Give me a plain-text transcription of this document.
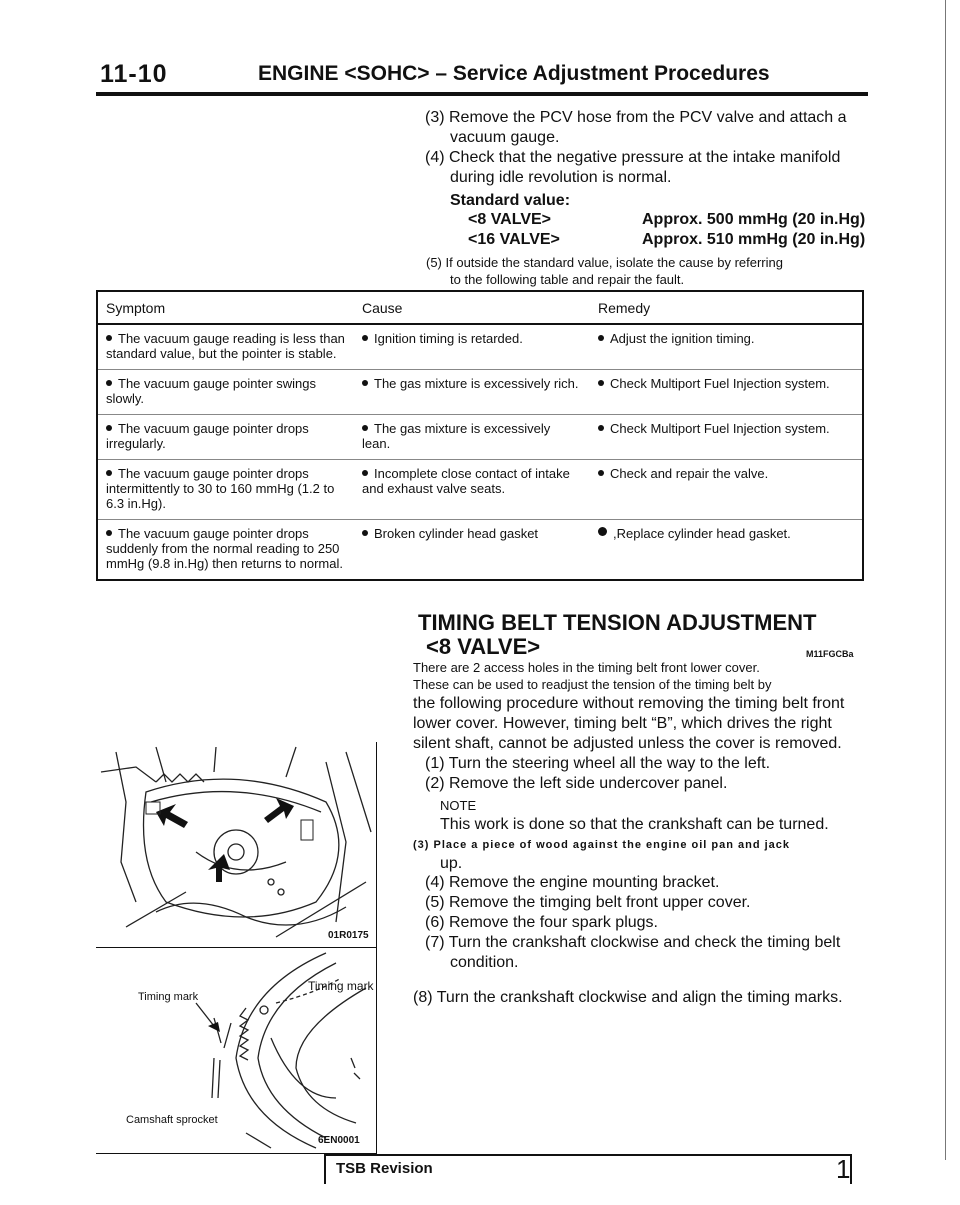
11-10	ENGINE <SOHC> – Service Adjustment Procedures
(3) Remove the PCV hose from the PCV valve and attach a
vacuum gauge.
(4) Check that the negative pressure at the intake manifold
during idle revolution is normal.
Standard value:
<8 VALVE>	Approx. 500 mmHg (20 in.Hg)
<16 VALVE>	Approx. 510 mmHg (20 in.Hg)
(5) If outside the standard value, isolate the cause by referring
to the following table and repair the fault.
Symptom	Cause	Remedy
The vacuum gauge reading is less than standard value, but the pointer is stable.	Ignition timing is retarded.	Adjust the ignition timing.
The vacuum gauge pointer swings slowly.	The gas mixture is excessively rich.	Check Multiport Fuel Injection system.
The vacuum gauge pointer drops irregularly.	The gas mixture is excessively lean.	Check Multiport Fuel Injection system.
The vacuum gauge pointer drops intermittently to 30 to 160 mmHg (1.2 to 6.3 in.Hg).	Incomplete close contact of intake and exhaust valve seats.	Check and repair the valve.
The vacuum gauge pointer drops suddenly from the normal reading to 250 mmHg (9.8 in.Hg) then returns to normal.	Broken cylinder head gasket	,Replace cylinder head gasket.
TIMING BELT TENSION ADJUSTMENT
<8 VALVE>	M11FGCBa
There are 2 access holes in the timing belt front lower cover.
These can be used to readjust the tension of the timing belt by
the following procedure without removing the timing belt front
lower cover. However, timing belt “B”, which drives the right
silent shaft, cannot be adjusted unless the cover is removed.
(1) Turn the steering wheel all the way to the left.
(2) Remove the left side undercover panel.
NOTE
This work is done so that the crankshaft can be turned.
(3) Place a piece of wood against the engine oil pan and jack
up.
(4) Remove the engine mounting bracket.
(5) Remove the timging belt front upper cover.
(6) Remove the four spark plugs.
(7) Turn the crankshaft clockwise and check the timing belt
condition.
(8) Turn the crankshaft clockwise and align the timing marks.
01R0175
Timing mark
Timing mark
Camshaft sprocket
6EN0001
TSB Revision	1
